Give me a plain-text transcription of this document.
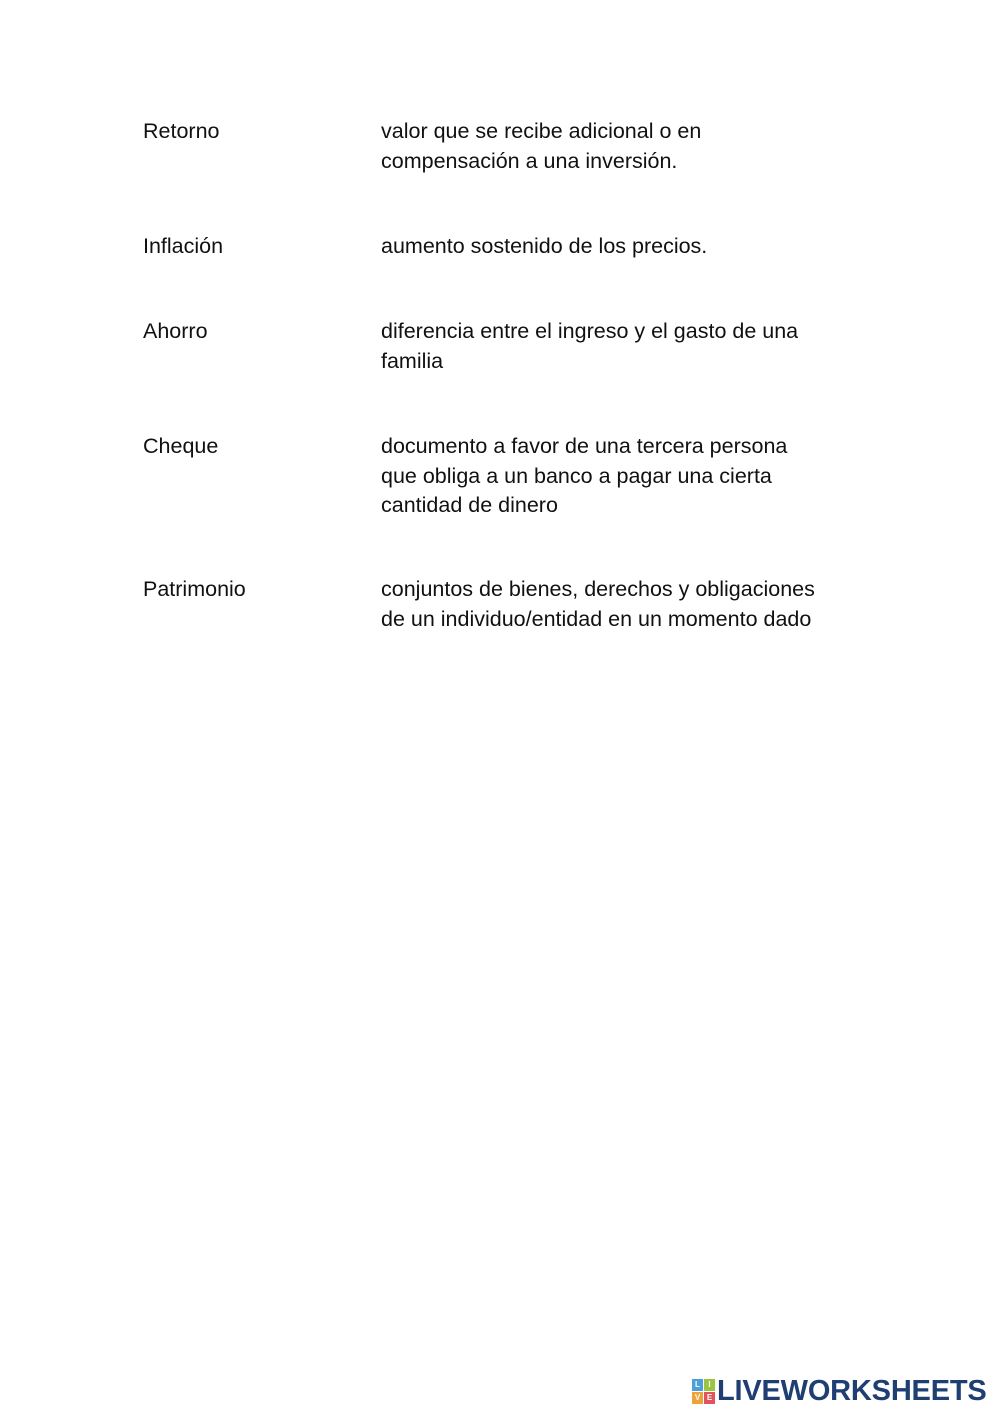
Retorno	valor que se recibe adicional o en
compensación a una inversión.
Inflación	aumento sostenido de los precios.
Ahorro	diferencia entre el ingreso y el gasto de una
familia
Cheque	documento a favor de una tercera persona
que obliga a un banco a pagar una cierta
cantidad de dinero
Patrimonio	conjuntos de bienes, derechos y obligaciones
de un individuo/entidad en un momento dado
L	I
V E LIVEWORKSHEETS
